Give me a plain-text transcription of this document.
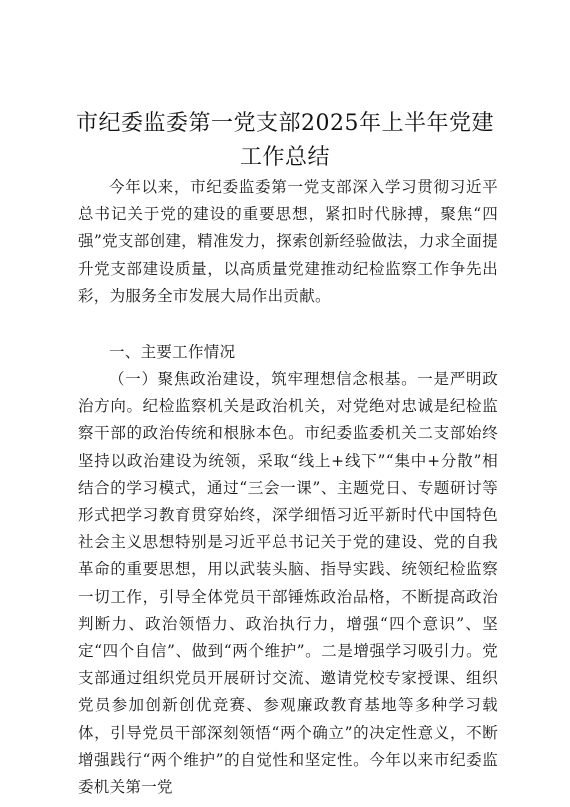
市纪委监委第一党支部2025年上半年党建
工作总结

今年以来，市纪委监委第一党支部深入学习贯彻习近平总书记关于党的建设的重要思想，紧扣时代脉搏，聚焦“四强”党支部创建，精准发力，探索创新经验做法，力求全面提升党支部建设质量，以高质量党建推动纪检监察工作争先出彩，为服务全市发展大局作出贡献。

一、主要工作情况

（一）聚焦政治建设，筑牢理想信念根基。一是严明政治方向。纪检监察机关是政治机关，对党绝对忠诚是纪检监察干部的政治传统和根脉本色。市纪委监委机关二支部始终坚持以政治建设为统领，采取“线上+线下”“集中+分散”相结合的学习模式，通过“三会一课”、主题党日、专题研讨等形式把学习教育贯穿始终，深学细悟习近平新时代中国特色社会主义思想特别是习近平总书记关于党的建设、党的自我革命的重要思想，用以武装头脑、指导实践、统领纪检监察一切工作，引导全体党员干部锤炼政治品格，不断提高政治判断力、政治领悟力、政治执行力，增强“四个意识”、坚定“四个自信”、做到“两个维护”。二是增强学习吸引力。党支部通过组织党员开展研讨交流、邀请党校专家授课、组织党员参加创新创优竞赛、参观廉政教育基地等多种学习载体，引导党员干部深刻领悟“两个确立”的决定性意义，不断增强践行“两个维护”的自觉性和坚定性。今年以来市纪委监委机关第一党
